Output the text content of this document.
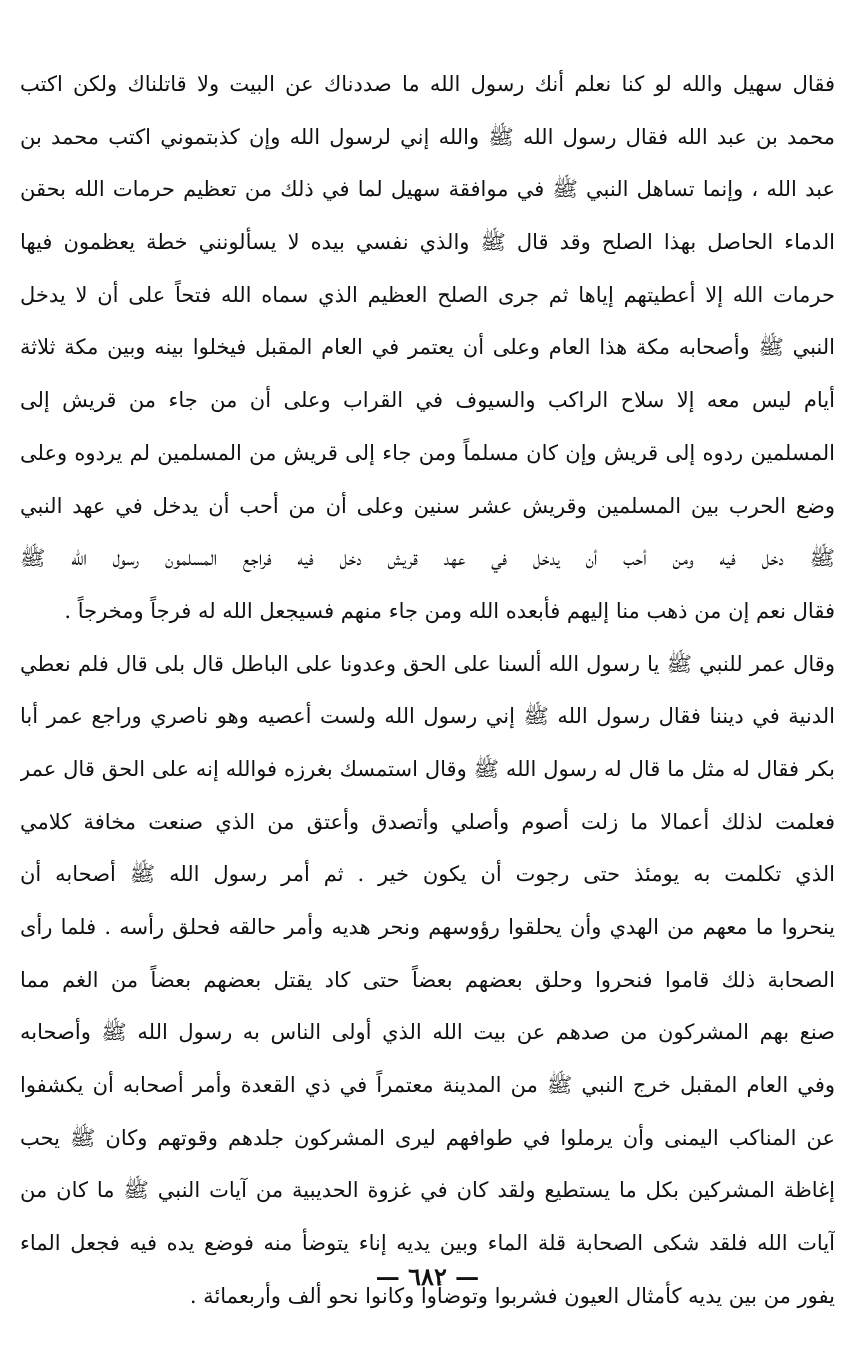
فقال سهيل والله لو كنا نعلم أنك رسول الله ما صددناك عن البيت ولا قاتلناك ولكن اكتب
محمد بن عبد الله فقال رسول الله ﷺ والله إني لرسول الله وإن كذبتموني اكتب محمد بن
عبد الله ، وإنما تساهل النبي ﷺ في موافقة سهيل لما في ذلك من تعظيم حرمات الله بحقن
الدماء الحاصل بهذا الصلح وقد قال ﷺ والذي نفسي بيده لا يسألونني خطة يعظمون فيها
حرمات الله إلا أعطيتهم إياها ثم جرى الصلح العظيم الذي سماه الله فتحاً على أن لا يدخل
النبي ﷺ وأصحابه مكة هذا العام وعلى أن يعتمر في العام المقبل فيخلوا بينه وبين مكة ثلاثة
أيام ليس معه إلا سلاح الراكب والسيوف في القراب وعلى أن من جاء من قريش إلى
المسلمين ردوه إلى قريش وإن كان مسلماً ومن جاء إلى قريش من المسلمين لم يردوه وعلى
وضع الحرب بين المسلمين وقريش عشر سنين وعلى أن من أحب أن يدخل في عهد النبي
ﷺ دخل فيه ومن أحب أن يدخل في عهد قريش دخل فيه فراجع المسلمون رسول الله ﷺ
فقال نعم إن من ذهب منا إليهم فأبعده الله ومن جاء منهم فسيجعل الله له فرجاً ومخرجاً .
وقال عمر للنبي ﷺ يا رسول الله ألسنا على الحق وعدونا على الباطل قال بلى قال فلم نعطي
الدنية في ديننا فقال رسول الله ﷺ إني رسول الله ولست أعصيه وهو ناصري وراجع عمر أبا
بكر فقال له مثل ما قال له رسول الله ﷺ وقال استمسك بغرزه فوالله إنه على الحق قال عمر
فعلمت لذلك أعمالا ما زلت أصوم وأصلي وأتصدق وأعتق من الذي صنعت مخافة كلامي
الذي تكلمت به يومئذ حتى رجوت أن يكون خير . ثم أمر رسول الله ﷺ أصحابه أن
ينحروا ما معهم من الهدي وأن يحلقوا رؤوسهم ونحر هديه وأمر حالقه فحلق رأسه . فلما رأى
الصحابة ذلك قاموا فنحروا وحلق بعضهم بعضاً حتى كاد يقتل بعضهم بعضاً من الغم مما
صنع بهم المشركون من صدهم عن بيت الله الذي أولى الناس به رسول الله ﷺ وأصحابه
وفي العام المقبل خرج النبي ﷺ من المدينة معتمراً في ذي القعدة وأمر أصحابه أن يكشفوا
عن المناكب اليمنى وأن يرملوا في طوافهم ليرى المشركون جلدهم وقوتهم وكان ﷺ يحب
إغاظة المشركين بكل ما يستطيع ولقد كان في غزوة الحديبية من آيات النبي ﷺ ما كان من
آيات الله فلقد شكى الصحابة قلة الماء وبين يديه إناء يتوضأ منه فوضع يده فيه فجعل الماء
يفور من بين يديه كأمثال العيون فشربوا وتوضأوا وكانوا نحو ألف وأربعمائة .
— ٦٨٢ —
